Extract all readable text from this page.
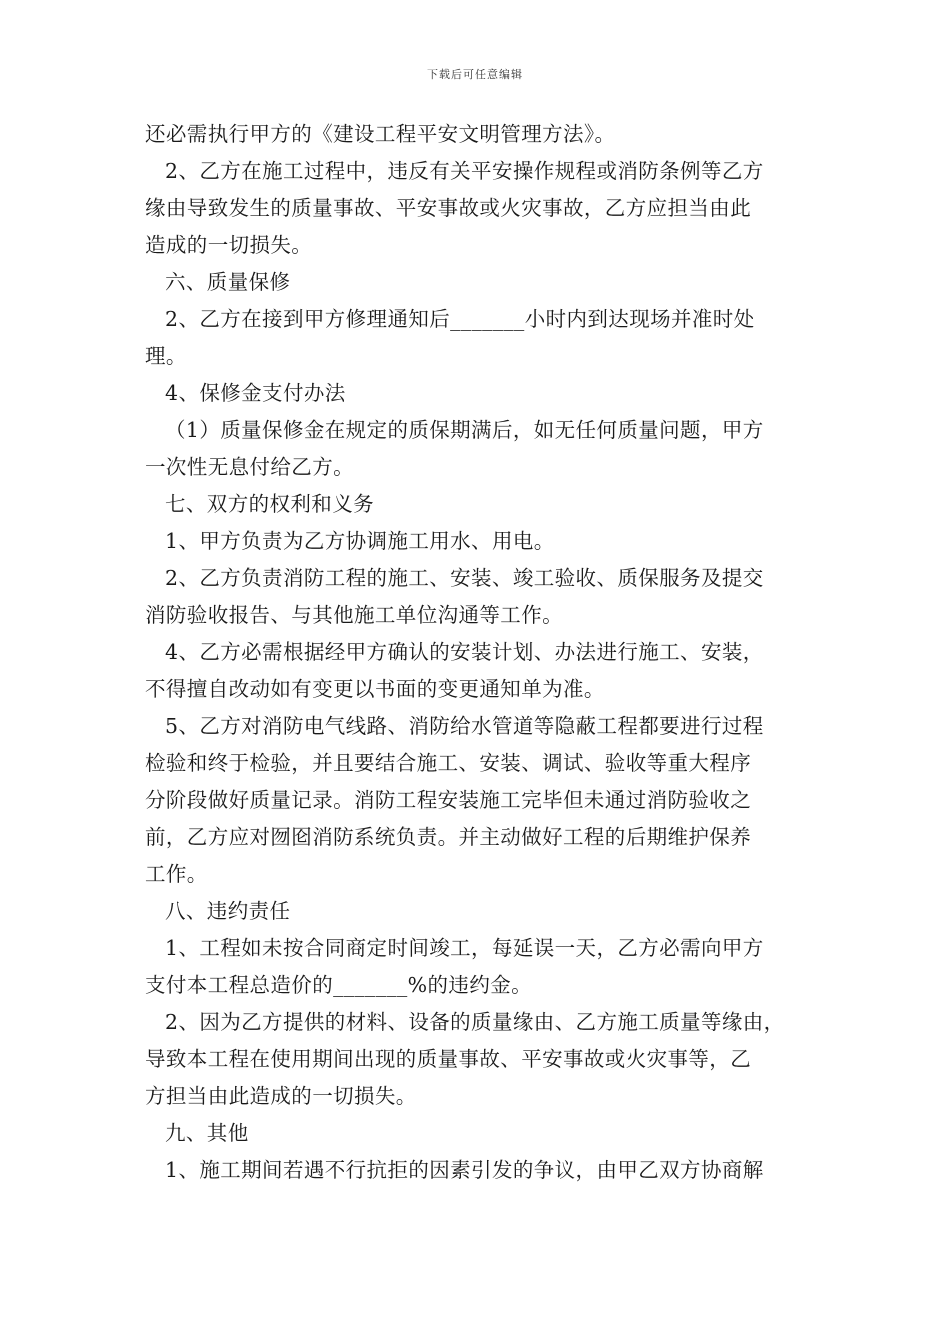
下载后可任意编辑
还必需执行甲方的《建设工程平安文明管理方法》。
2、乙方在施工过程中，违反有关平安操作规程或消防条例等乙方
缘由导致发生的质量事故、平安事故或火灾事故，乙方应担当由此
造成的一切损失。
六、质量保修
2、乙方在接到甲方修理通知后_______小时内到达现场并准时处
理。
4、保修金支付办法
（1）质量保修金在规定的质保期满后，如无任何质量问题，甲方
一次性无息付给乙方。
七、双方的权利和义务
1、甲方负责为乙方协调施工用水、用电。
2、乙方负责消防工程的施工、安装、竣工验收、质保服务及提交
消防验收报告、与其他施工单位沟通等工作。
4、乙方必需根据经甲方确认的安装计划、办法进行施工、安装，
不得擅自改动如有变更以书面的变更通知单为准。
5、乙方对消防电气线路、消防给水管道等隐蔽工程都要进行过程
检验和终于检验，并且要结合施工、安装、调试、验收等重大程序
分阶段做好质量记录。消防工程安装施工完毕但未通过消防验收之
前，乙方应对囫囵消防系统负责。并主动做好工程的后期维护保养
工作。
八、违约责任
1、工程如未按合同商定时间竣工，每延误一天，乙方必需向甲方
支付本工程总造价的_______%的违约金。
2、因为乙方提供的材料、设备的质量缘由、乙方施工质量等缘由，
导致本工程在使用期间出现的质量事故、平安事故或火灾事等，乙
方担当由此造成的一切损失。
九、其他
1、施工期间若遇不行抗拒的因素引发的争议，由甲乙双方协商解
